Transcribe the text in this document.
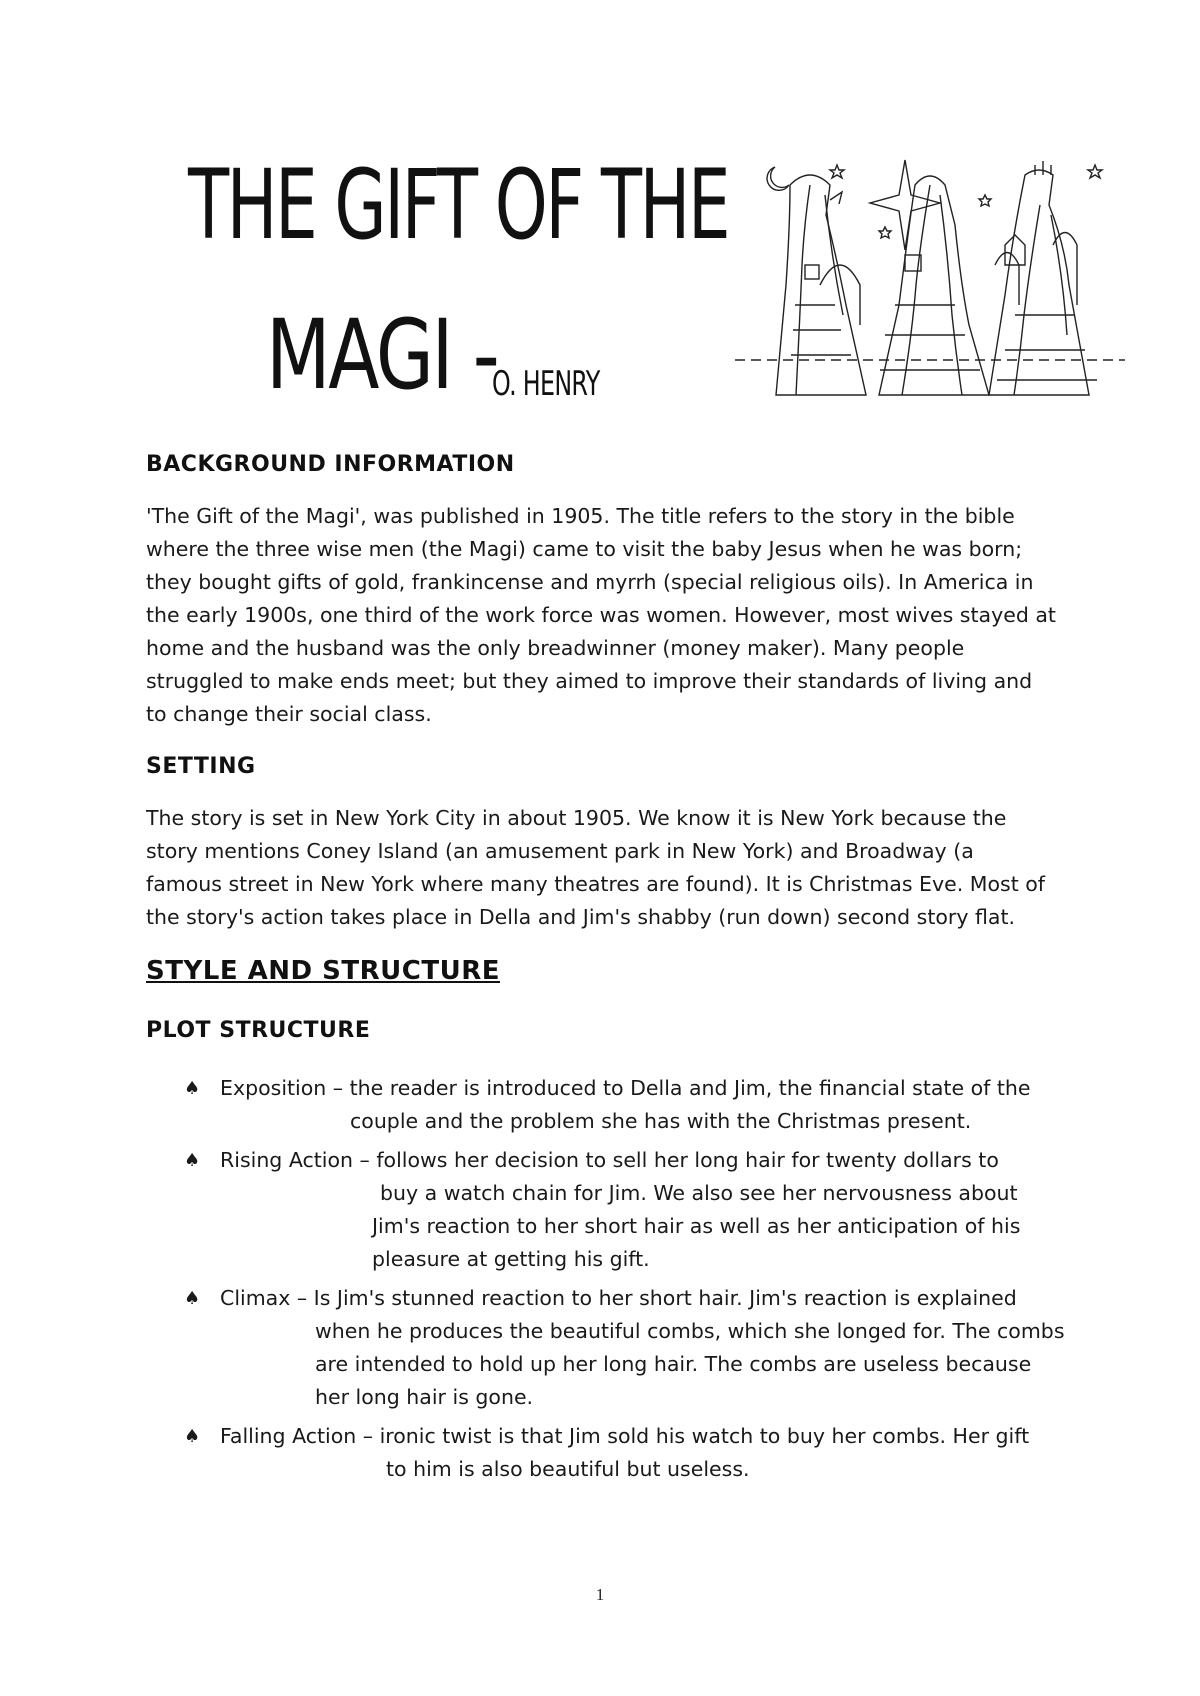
THE GIFT OF THE
MAGI -
O. HENRY
BACKGROUND INFORMATION
'The Gift of the Magi', was published in 1905. The title refers to the story in the bible
where the three wise men (the Magi) came to visit the baby Jesus when he was born;
they bought gifts of gold, frankincense and myrrh (special religious oils). In America in
the early 1900s, one third of the work force was women. However, most wives stayed at
home and the husband was the only breadwinner (money maker). Many people
struggled to make ends meet; but they aimed to improve their standards of living and
to change their social class.
SETTING
The story is set in New York City in about 1905. We know it is New York because the
story mentions Coney Island (an amusement park in New York) and Broadway (a
famous street in New York where many theatres are found). It is Christmas Eve. Most of
the story's action takes place in Della and Jim's shabby (run down) second story flat.
STYLE AND STRUCTURE
PLOT STRUCTURE
♠ Exposition – the reader is introduced to Della and Jim, the financial state of the
couple and the problem she has with the Christmas present.
♠ Rising Action – follows her decision to sell her long hair for twenty dollars to
buy a watch chain for Jim. We also see her nervousness about
Jim's reaction to her short hair as well as her anticipation of his
pleasure at getting his gift.
♠ Climax – Is Jim's stunned reaction to her short hair. Jim's reaction is explained
when he produces the beautiful combs, which she longed for. The combs
are intended to hold up her long hair. The combs are useless because
her long hair is gone.
♠ Falling Action – ironic twist is that Jim sold his watch to buy her combs. Her gift
to him is also beautiful but useless.
1
